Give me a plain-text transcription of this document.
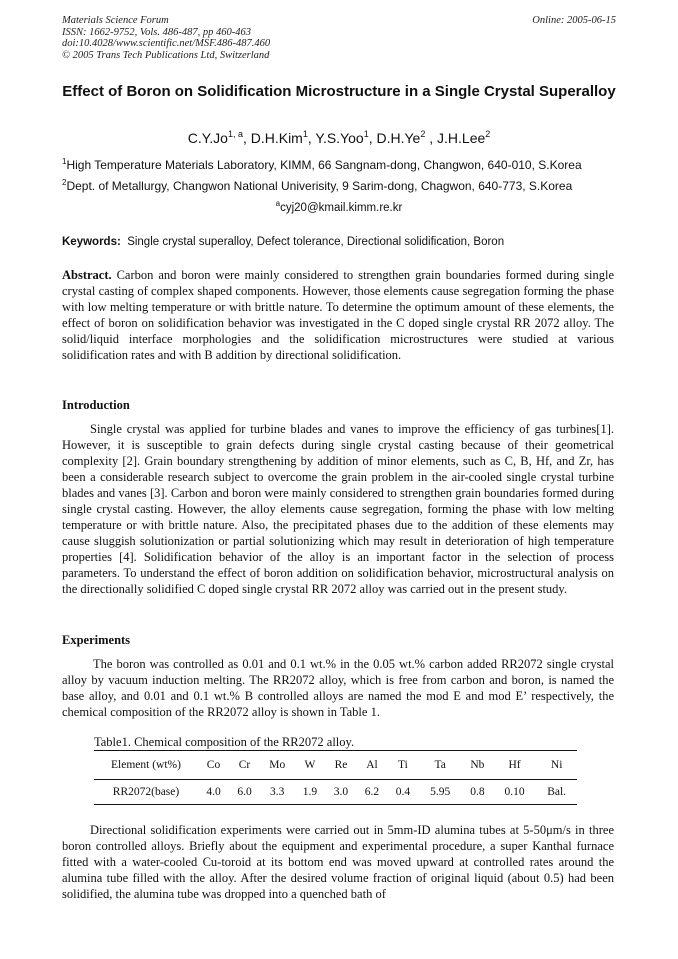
Materials Science Forum
ISSN: 1662-9752, Vols. 486-487, pp 460-463
doi:10.4028/www.scientific.net/MSF.486-487.460
© 2005 Trans Tech Publications Ltd, Switzerland
Online: 2005-06-15
Effect of Boron on Solidification Microstructure in a Single Crystal Superalloy
C.Y.Jo$^{1, a}$, D.H.Kim$^1$, Y.S.Yoo$^1$, D.H.Ye$^2$ , J.H.Lee$^2$
$^1$High Temperature Materials Laboratory, KIMM, 66 Sangnam-dong, Changwon, 640-010, S.Korea
$^2$Dept. of Metallurgy, Changwon National Univerisity, 9 Sarim-dong, Chagwon, 640-773, S.Korea
$^a$cyj20@kmail.kimm.re.kr
Keywords: Single crystal superalloy, Defect tolerance, Directional solidification, Boron
Abstract. Carbon and boron were mainly considered to strengthen grain boundaries formed during single crystal casting of complex shaped components. However, those elements cause segregation forming the phase with low melting temperature or with brittle nature. To determine the optimum amount of these elements, the effect of boron on solidification behavior was investigated in the C doped single crystal RR 2072 alloy. The solid/liquid interface morphologies and the solidification microstructures were studied at various solidification rates and with B addition by directional solidification.
Introduction
Single crystal was applied for turbine blades and vanes to improve the efficiency of gas turbines[1]. However, it is susceptible to grain defects during single crystal casting because of their geometrical complexity [2]. Grain boundary strengthening by addition of minor elements, such as C, B, Hf, and Zr, has been a considerable research subject to overcome the grain problem in the air-cooled single crystal turbine blades and vanes [3]. Carbon and boron were mainly considered to strengthen grain boundaries formed during single crystal casting. However, the alloy elements cause segregation, forming the phase with low melting temperature or with brittle nature. Also, the precipitated phases due to the addition of these elements may cause sluggish solutionization or partial solutionizing which may result in deterioration of high temperature properties [4]. Solidification behavior of the alloy is an important factor in the selection of process parameters. To understand the effect of boron addition on solidification behavior, microstructural analysis on the directionally solidified C doped single crystal RR 2072 alloy was carried out in the present study.
Experiments
The boron was controlled as 0.01 and 0.1 wt.% in the 0.05 wt.% carbon added RR2072 single crystal alloy by vacuum induction melting. The RR2072 alloy, which is free from carbon and boron, is named the base alloy, and 0.01 and 0.1 wt.% B controlled alloys are named the mod E and mod E’ respectively, the chemical composition of the RR2072 alloy is shown in Table 1.
Table1. Chemical composition of the RR2072 alloy.
Element (wt%)	Co	Cr	Mo	W	Re	Al	Ti	Ta	Nb	Hf	Ni
RR2072(base)	4.0	6.0	3.3	1.9	3.0	6.2	0.4	5.95	0.8	0.10	Bal.
Directional solidification experiments were carried out in 5mm-ID alumina tubes at 5-50μm/s in three boron controlled alloys. Briefly about the equipment and experimental procedure, a super Kanthal furnace fitted with a water-cooled Cu-toroid at its bottom end was moved upward at controlled rates around the alumina tube filled with the alloy. After the desired volume fraction of original liquid (about 0.5) had been solidified, the alumina tube was dropped into a quenched bath of
